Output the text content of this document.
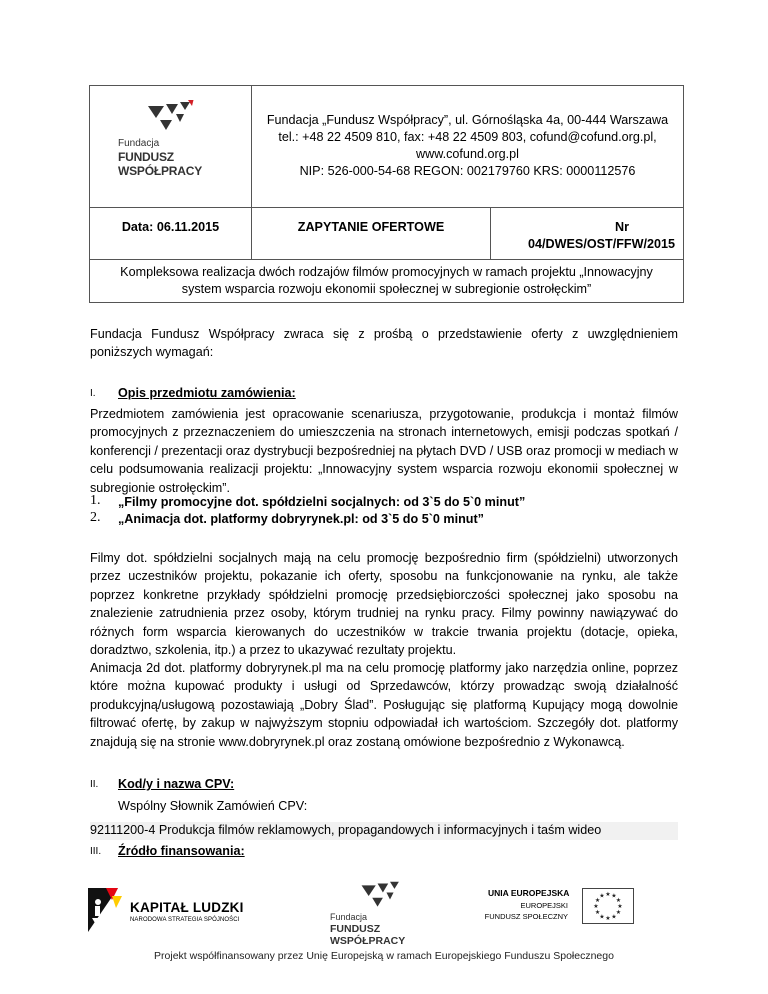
Fundacja
FUNDUSZ WSPÓŁPRACY
Fundacja „Fundusz Współpracy”, ul. Górnośląska 4a, 00-444 Warszawa
tel.: +48 22 4509 810, fax: +48 22 4509 803, cofund@cofund.org.pl,
www.cofund.org.pl
NIP: 526-000-54-68 REGON: 002179760 KRS: 0000112576
Data: 06.11.2015	ZAPYTANIE OFERTOWE	Nr
04/DWES/OST/FFW/2015
Kompleksowa realizacja dwóch rodzajów filmów promocyjnych w ramach projektu „Innowacyjny
system wsparcia rozwoju ekonomii społecznej w subregionie ostrołęckim”

Fundacja Fundusz Współpracy zwraca się z prośbą o przedstawienie oferty z uwzględnieniem poniższych wymagań:

I. Opis przedmiotu zamówienia:

Przedmiotem zamówienia jest opracowanie scenariusza, przygotowanie, produkcja i montaż filmów promocyjnych z przeznaczeniem do umieszczenia na stronach internetowych, emisji podczas spotkań / konferencji / prezentacji oraz dystrybucji bezpośredniej na płytach DVD / USB oraz promocji w mediach w celu podsumowania realizacji projektu: „Innowacyjny system wsparcia rozwoju ekonomii społecznej w subregionie ostrołęckim”.

1. „Filmy promocyjne dot. spółdzielni socjalnych: od 3`5 do 5`0 minut”
2. „Animacja dot. platformy dobryrynek.pl: od 3`5 do 5`0 minut”

Filmy dot. spółdzielni socjalnych mają na celu promocję bezpośrednio firm (spółdzielni) utworzonych przez uczestników projektu, pokazanie ich oferty, sposobu na funkcjonowanie na rynku, ale także poprzez konkretne przykłady spółdzielni promocję przedsiębiorczości społecznej jako sposobu na znalezienie zatrudnienia przez osoby, którym trudniej na rynku pracy. Filmy powinny nawiązywać do różnych form wsparcia kierowanych do uczestników w trakcie trwania projektu (dotacje, opieka, doradztwo, szkolenia, itp.) a przez to ukazywać rezultaty projektu.

Animacja 2d dot. platformy dobryrynek.pl ma na celu promocję platformy jako narzędzia online, poprzez które można kupować produkty i usługi od Sprzedawców, którzy prowadząc swoją działalność produkcyjną/usługową pozostawiają „Dobry Ślad”. Posługując się platformą Kupujący mogą dowolnie filtrować ofertę, by zakup w najwyższym stopniu odpowiadał ich wartościom. Szczegóły dot. platformy znajdują się na stronie www.dobryrynek.pl oraz zostaną omówione bezpośrednio z Wykonawcą.

II. Kod/y i nazwa CPV:
Wspólny Słownik Zamówień CPV:
92111200-4 Produkcja filmów reklamowych, propagandowych i informacyjnych i taśm wideo
III. Źródło finansowania:
KAPITAŁ LUDZKI
NARODOWA STRATEGIA SPÓJNOŚCI	Fundacja
FUNDUSZ WSPÓŁPRACY
UNIA EUROPEJSKA
EUROPEJSKI
FUNDUSZ SPOŁECZNY
★
★
★
★
★
★
★
★
★ ★ ★
★
Projekt współfinansowany przez Unię Europejską w ramach Europejskiego Funduszu Społecznego
